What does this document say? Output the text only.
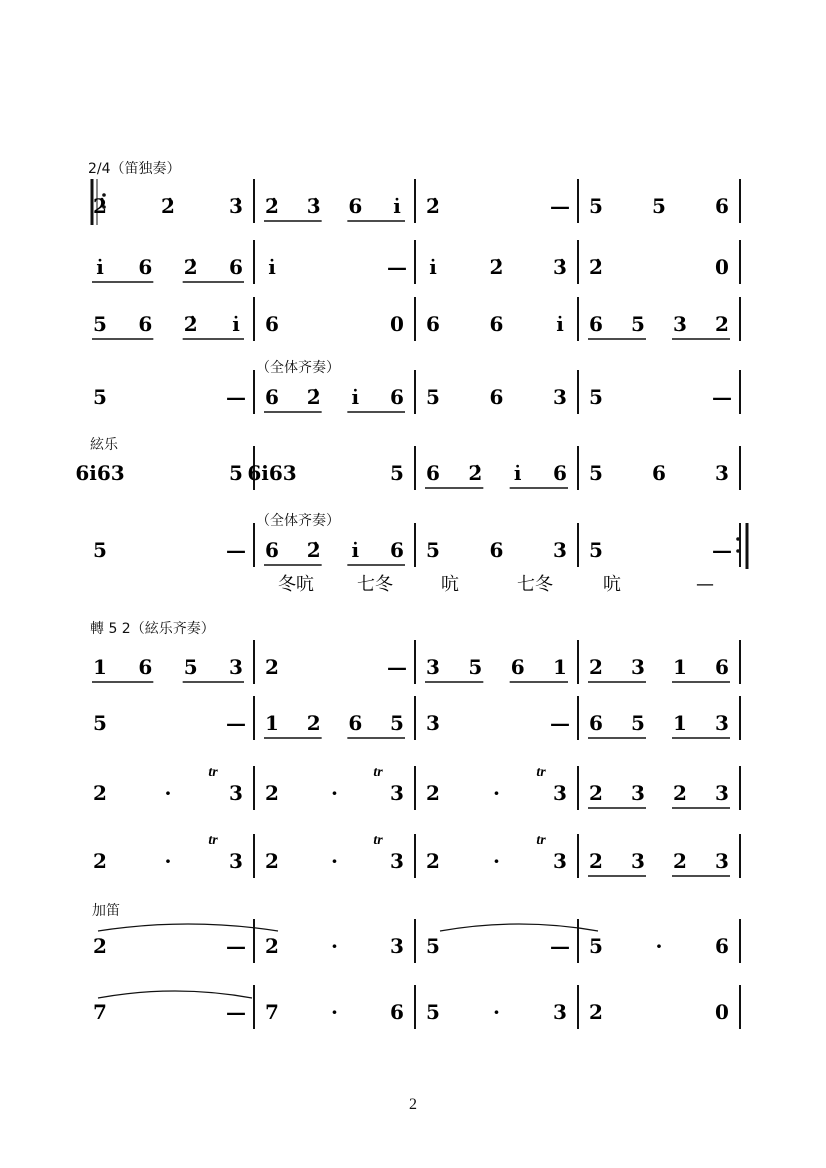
2̇	2̇	3̇ 2̇ 3̇ 6 i̇ 2̇	— 5 5 6
i̇ 6 2̇ 6 i̇	— i̇	2̇ 3̇ 2̇	0
5 6 2̇ i̇ 6	0 6 6	i̇ 6 5 3 2
5	— 6 2̇ i̇ 6 5 6 3 5	—
6i63	5 6i63	5 6 2̇ i̇ 6 5 6 3
5	— 6 2̇ i̇ 6 5 6 3 5	—
1 6 5 3 2	— 3 5 6 1 2 3 1 6
5	— 1 2 6 5 3	— 6 5 1 3
2	·	3 2	·	3 2	·	3 2 3 2 3
2	·	3 2	·	3 2	·	3 2 3 2 3
2	— 2	·	3 5	— 5	·	6
7	— 7	·	6 5	·	3 2	0
tr	tr	tr
tr	tr	tr
冬吭 七冬	吭	七冬	吭	—
2/4（笛独奏）
（全体齐奏）
絃乐
（全体齐奏）
轉 5 2（絃乐齐奏）
加笛
2
